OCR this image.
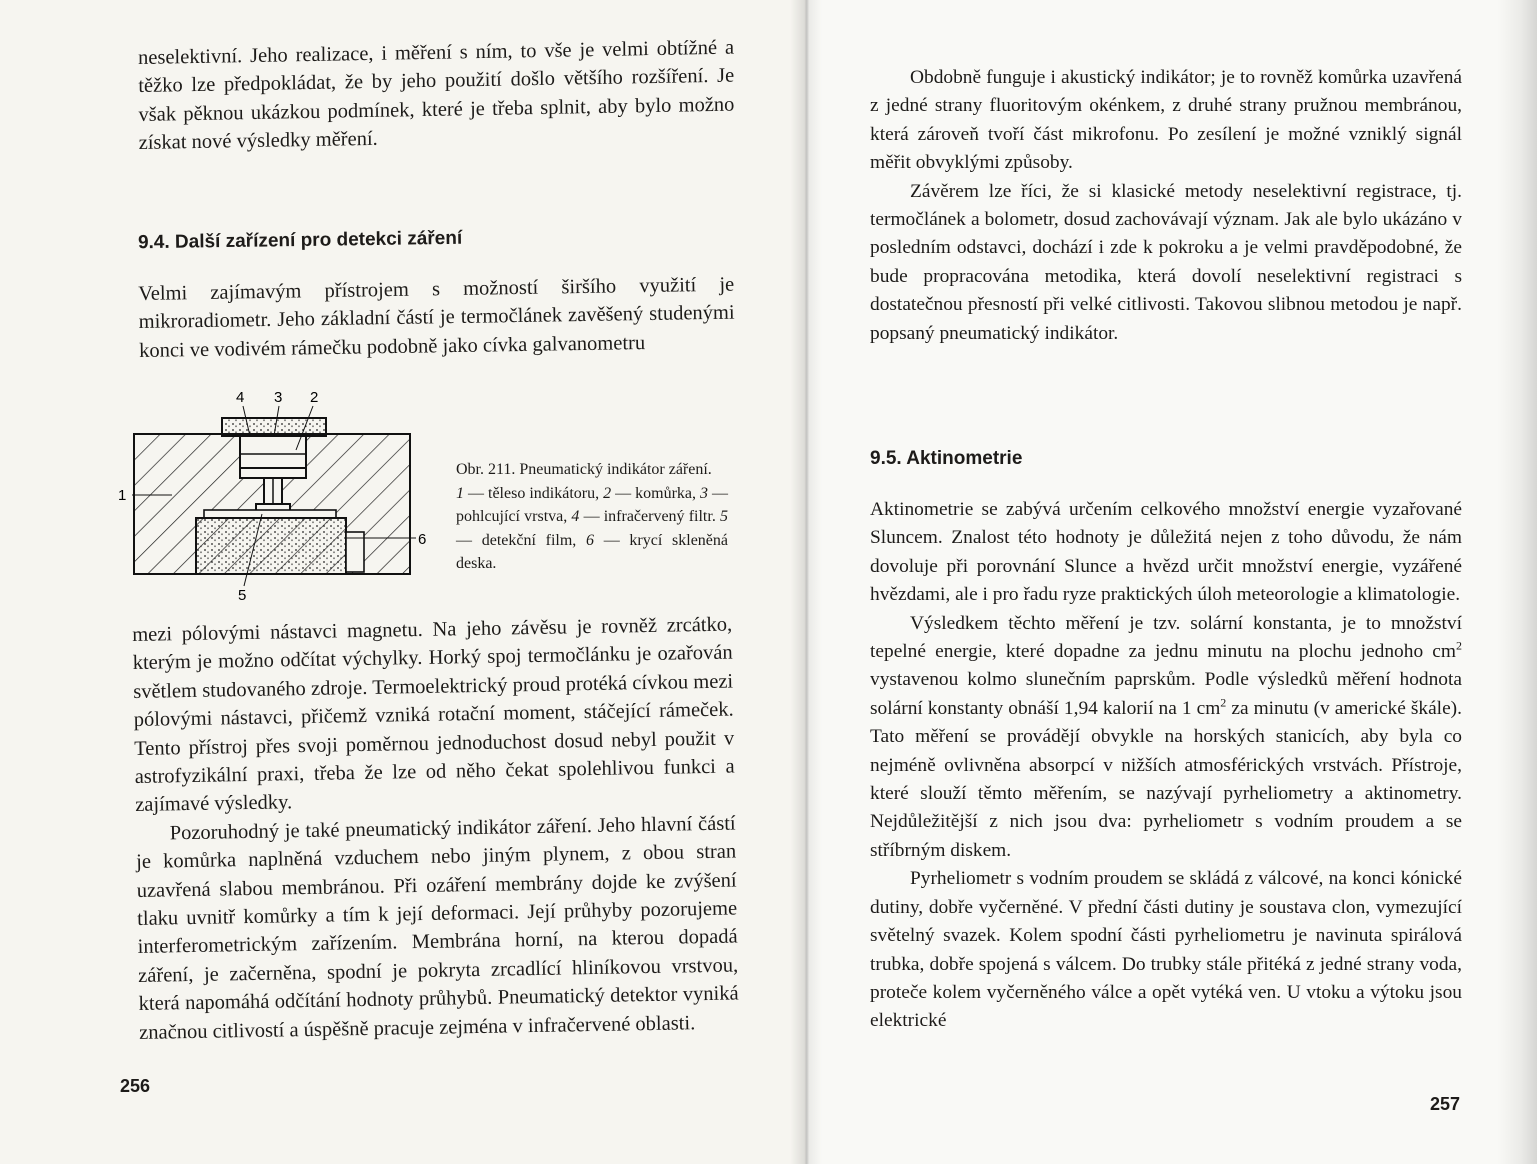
neselektivní. Jeho realizace, i měření s ním, to vše je velmi obtížné a těžko lze předpokládat, že by jeho použití došlo většího rozšíření. Je však pěknou ukázkou podmínek, které je třeba splnit, aby bylo možno získat nové výsledky měření.

9.4. Další zařízení pro detekci záření

Velmi zajímavým přístrojem s možností širšího využití je mikroradiometr. Jeho základní částí je termočlánek zavěšený studenými konci ve vodivém rámečku podobně jako cívka galvanometru

4 3 2
1
6
5
Obr. 211. Pneumatický indikátor záření.
1 — těleso indikátoru, 2 — komůrka, 3 — pohlcující vrstva, 4 — infračervený filtr. 5 — detekční film, 6 — krycí skleněná deska.

mezi pólovými nástavci magnetu. Na jeho závěsu je rovněž zrcátko, kterým je možno odčítat výchylky. Horký spoj termočlánku je ozařován světlem studovaného zdroje. Termoelektrický proud protéká cívkou mezi pólovými nástavci, přičemž vzniká rotační moment, stáčející rámeček. Tento přístroj přes svoji poměrnou jednoduchost dosud nebyl použit v astrofyzikální praxi, třeba že lze od něho čekat spolehlivou funkci a zajímavé výsledky.

Pozoruhodný je také pneumatický indikátor záření. Jeho hlavní částí je komůrka naplněná vzduchem nebo jiným plynem, z obou stran uzavřená slabou membránou. Při ozáření membrány dojde ke zvýšení tlaku uvnitř komůrky a tím k její deformaci. Její průhyby pozorujeme interferometrickým zařízením. Membrána horní, na kterou dopadá záření, je začerněna, spodní je pokryta zrcadlící hliníkovou vrstvou, která napomáhá odčítání hodnoty průhybů. Pneumatický detektor vyniká značnou citlivostí a úspěšně pracuje zejména v infračervené oblasti.

256

Obdobně funguje i akustický indikátor; je to rovněž komůrka uzavřená z jedné strany fluoritovým okénkem, z druhé strany pružnou membránou, která zároveň tvoří část mikrofonu. Po zesílení je možné vzniklý signál měřit obvyklými způsoby.

Závěrem lze říci, že si klasické metody neselektivní registrace, tj. termočlánek a bolometr, dosud zachovávají význam. Jak ale bylo ukázáno v posledním odstavci, dochází i zde k pokroku a je velmi pravděpodobné, že bude propracována metodika, která dovolí neselektivní registraci s dostatečnou přesností při velké citlivosti. Takovou slibnou metodou je např. popsaný pneumatický indikátor.

9.5. Aktinometrie

Aktinometrie se zabývá určením celkového množství energie vyzařované Sluncem. Znalost této hodnoty je důležitá nejen z toho důvodu, že nám dovoluje při porovnání Slunce a hvězd určit množství energie, vyzářené hvězdami, ale i pro řadu ryze praktických úloh meteorologie a klimatologie.

Výsledkem těchto měření je tzv. solární konstanta, je to množství tepelné energie, které dopadne za jednu minutu na plochu jednoho $cm^2$ vystavenou kolmo slunečním paprskům. Podle výsledků měření hodnota solární konstanty obnáší 1,94 kalorií na 1 $cm^2$ za minutu (v americké škále). Tato měření se provádějí obvykle na horských stanicích, aby byla co nejméně ovlivněna absorpcí v nižších atmosférických vrstvách. Přístroje, které slouží těmto měřením, se nazývají pyrheliometry a aktinometry. Nejdůležitější z nich jsou dva: pyrheliometr s vodním proudem a se stříbrným diskem.

Pyrheliometr s vodním proudem se skládá z válcové, na konci kónické dutiny, dobře vyčerněné. V přední části dutiny je soustava clon, vymezující světelný svazek. Kolem spodní části pyrheliometru je navinuta spirálová trubka, dobře spojená s válcem. Do trubky stále přitéká z jedné strany voda, proteče kolem vyčerněného válce a opět vytéká ven. U vtoku a výtoku jsou elektrické

257
